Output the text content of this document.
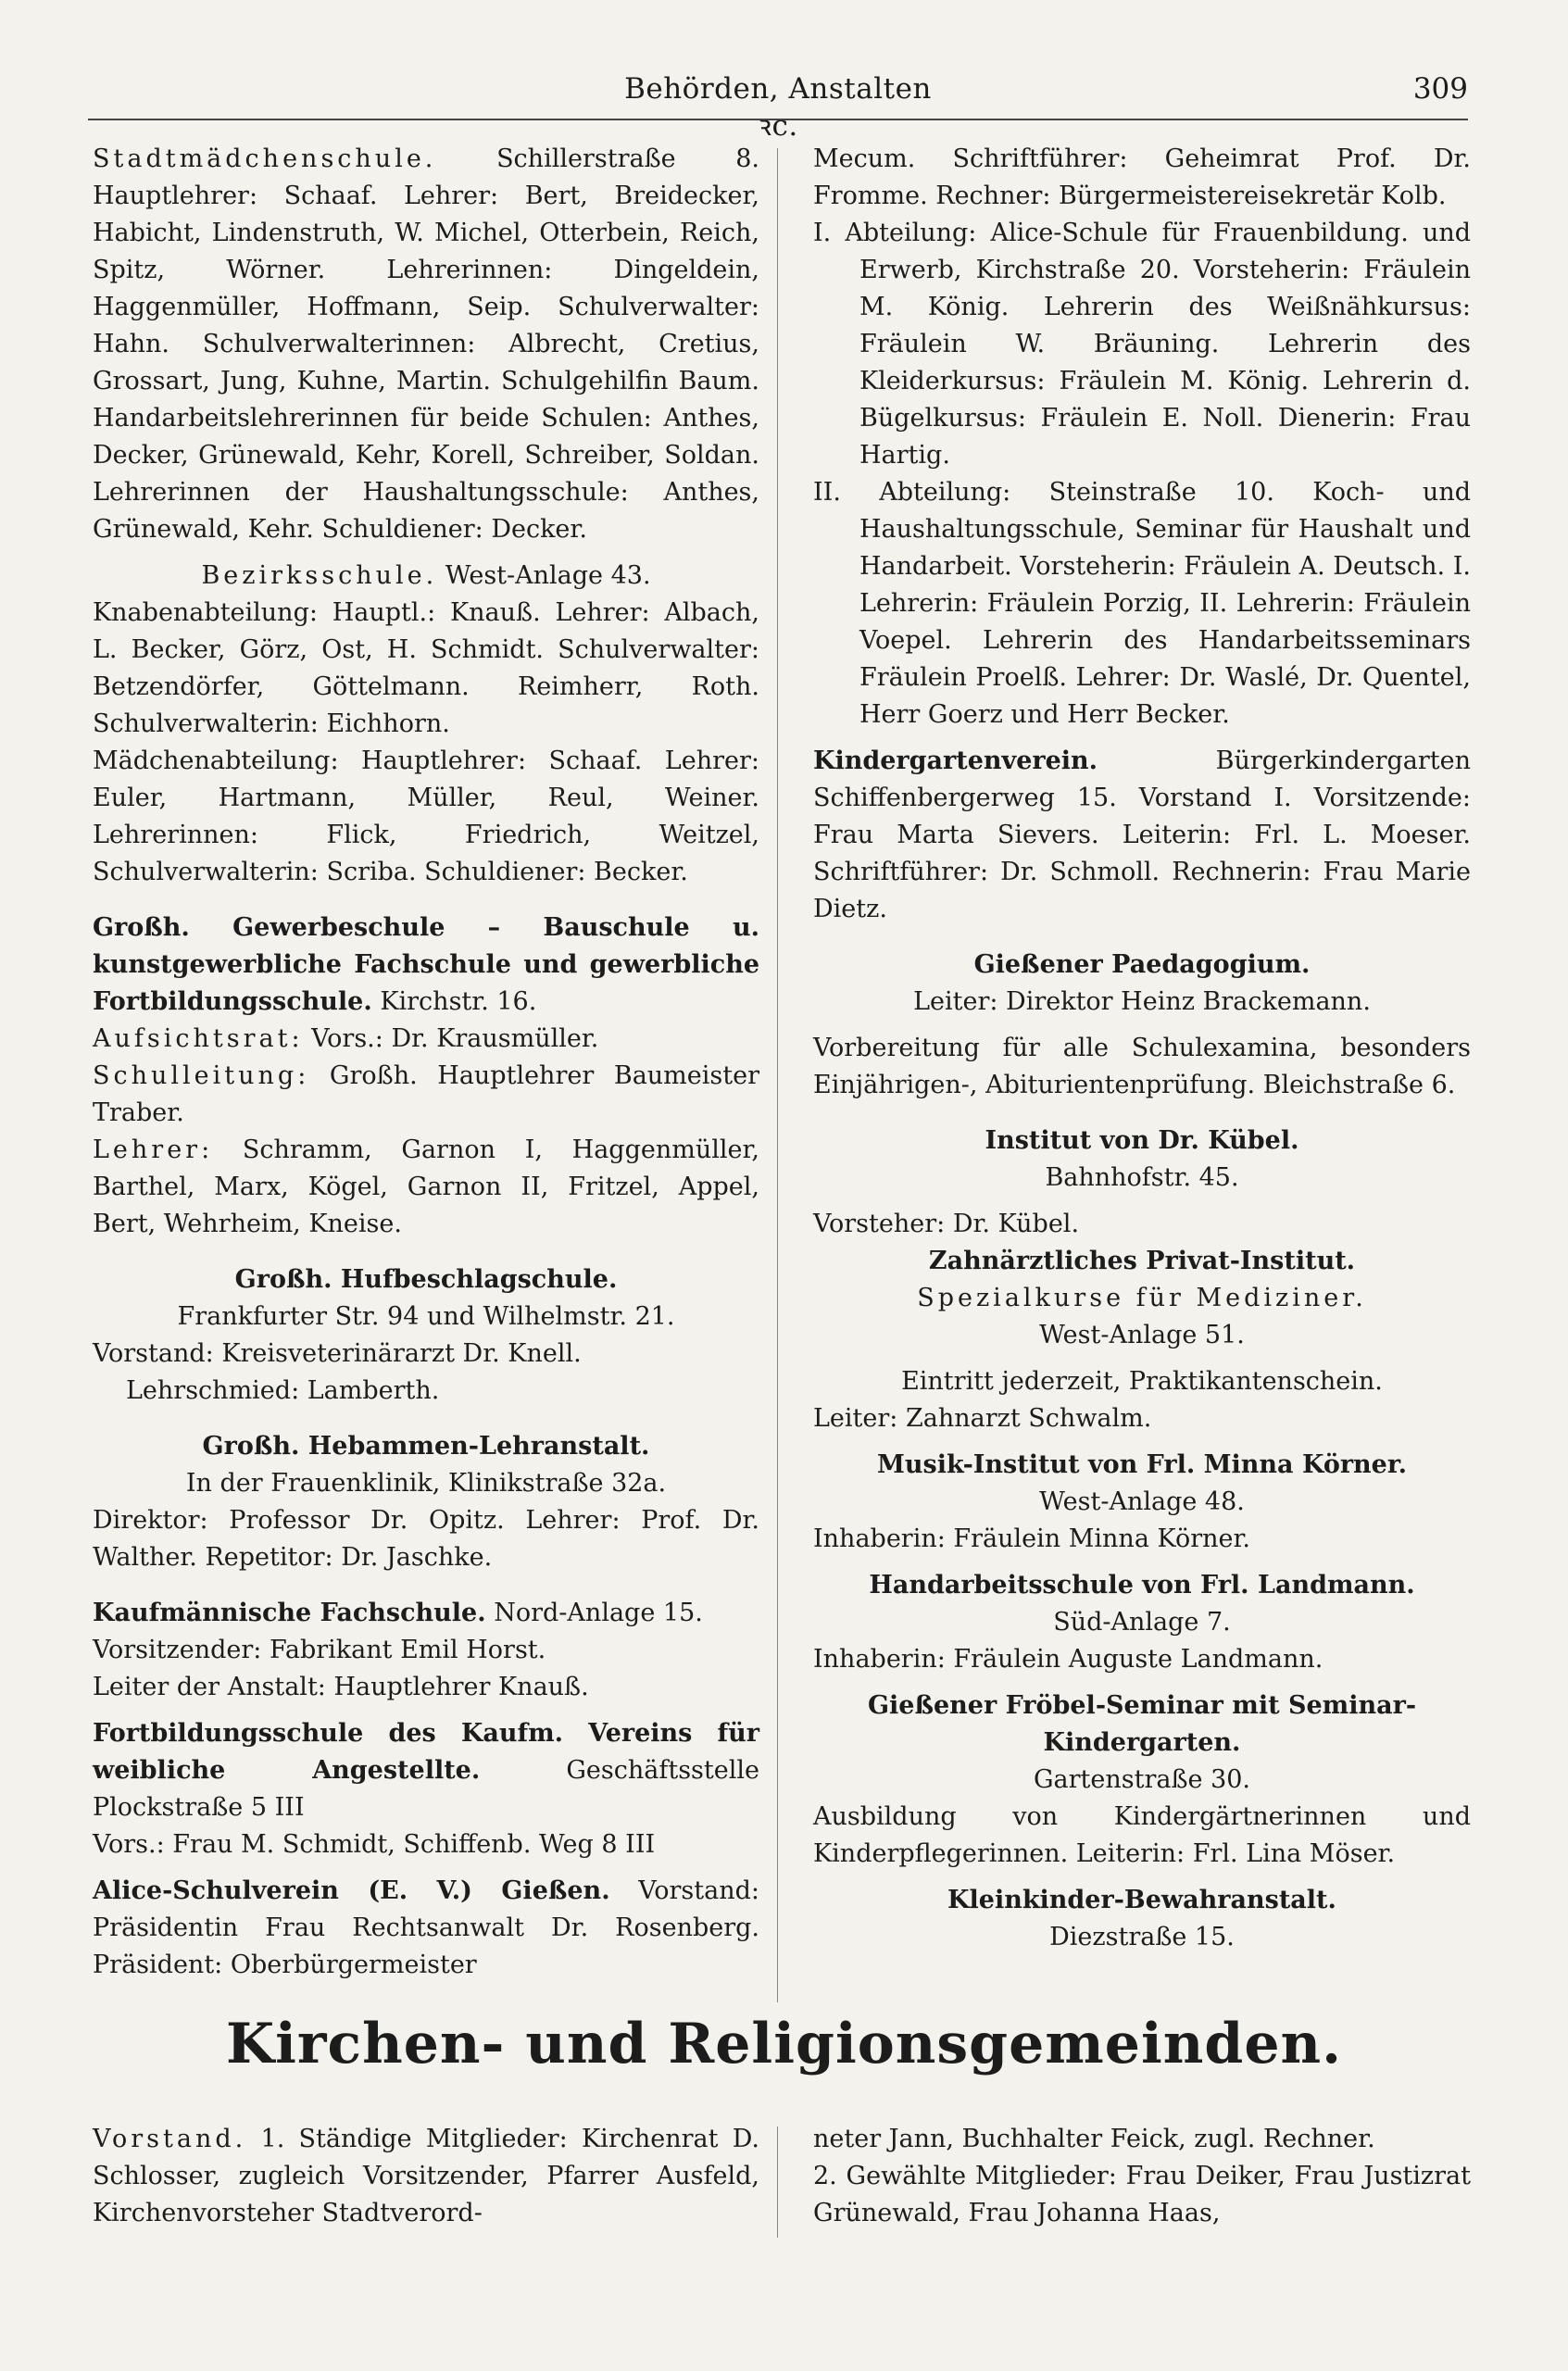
Behörden, Anstalten ꝛc.
309

Stadtmädchenschule. Schillerstraße 8. Hauptlehrer: Schaaf. Lehrer: Bert, Breidecker, Habicht, Lindenstruth, W. Michel, Otterbein, Reich, Spitz, Wörner. Lehrerinnen: Dingeldein, Haggenmüller, Hoffmann, Seip. Schulverwalter: Hahn. Schulverwalterinnen: Albrecht, Cretius, Grossart, Jung, Kuhne, Martin. Schulgehilfin Baum. Handarbeitslehrerinnen für beide Schulen: Anthes, Decker, Grünewald, Kehr, Korell, Schreiber, Soldan. Lehrerinnen der Haushaltungsschule: Anthes, Grünewald, Kehr. Schuldiener: Decker.

Bezirksschule. West-Anlage 43.

Knabenabteilung: Hauptl.: Knauß. Lehrer: Albach, L. Becker, Görz, Ost, H. Schmidt. Schulverwalter: Betzendörfer, Göttelmann. Reimherr, Roth. Schulverwalterin: Eichhorn.

Mädchenabteilung: Hauptlehrer: Schaaf. Lehrer: Euler, Hartmann, Müller, Reul, Weiner. Lehrerinnen: Flick, Friedrich, Weitzel, Schulverwalterin: Scriba. Schuldiener: Becker.

Großh. Gewerbeschule – Bauschule u. kunstgewerbliche Fachschule und gewerbliche Fortbildungsschule. Kirchstr. 16.

Aufsichtsrat: Vors.: Dr. Krausmüller.

Schulleitung: Großh. Hauptlehrer Baumeister Traber.

Lehrer: Schramm, Garnon I, Haggenmüller, Barthel, Marx, Kögel, Garnon II, Fritzel, Appel, Bert, Wehrheim, Kneise.

Großh. Hufbeschlagschule.

Frankfurter Str. 94 und Wilhelmstr. 21.

Vorstand: Kreisveterinärarzt Dr. Knell.

Lehrschmied: Lamberth.

Großh. Hebammen-Lehranstalt.

In der Frauenklinik, Klinikstraße 32a.

Direktor: Professor Dr. Opitz. Lehrer: Prof. Dr. Walther. Repetitor: Dr. Jaschke.

Kaufmännische Fachschule. Nord-Anlage 15.

Vorsitzender: Fabrikant Emil Horst.

Leiter der Anstalt: Hauptlehrer Knauß.

Fortbildungsschule des Kaufm. Vereins für weibliche Angestellte.	Geschäftsstelle Plockstraße 5 III

Vors.: Frau M. Schmidt, Schiffenb. Weg 8 III

Alice-Schulverein (E. V.) Gießen. Vorstand: Präsidentin Frau Rechtsanwalt Dr. Rosenberg. Präsident: Oberbürgermeister

Mecum. Schriftführer: Geheimrat Prof. Dr. Fromme. Rechner: Bürgermeistereisekretär Kolb.

I. Abteilung: Alice-Schule für Frauenbildung. und Erwerb, Kirchstraße 20. Vorsteherin: Fräulein M. König. Lehrerin des Weißnähkursus: Fräulein W. Bräuning. Lehrerin des Kleiderkursus: Fräulein M. König. Lehrerin d. Bügelkursus: Fräulein E. Noll. Dienerin: Frau Hartig.

II. Abteilung: Steinstraße 10. Koch- und Haushaltungsschule, Seminar für Haushalt und Handarbeit. Vorsteherin: Fräulein A. Deutsch. I. Lehrerin: Fräulein Porzig, II. Lehrerin: Fräulein Voepel. Lehrerin des Handarbeitsseminars Fräulein Proelß. Lehrer: Dr. Waslé, Dr. Quentel, Herr Goerz und Herr Becker.

Kindergartenverein.	Bürgerkindergarten Schiffenbergerweg 15. Vorstand I. Vorsitzende: Frau Marta Sievers. Leiterin: Frl. L. Moeser. Schriftführer: Dr. Schmoll. Rechnerin: Frau Marie Dietz.

Gießener Paedagogium.

Leiter: Direktor Heinz Brackemann.

Vorbereitung für alle Schulexamina, besonders Einjährigen-, Abiturientenprüfung. Bleichstraße 6.

Institut von Dr. Kübel.

Bahnhofstr. 45.

Vorsteher: Dr. Kübel.

Zahnärztliches Privat-Institut.

Spezialkurse für Mediziner.

West-Anlage 51.

Eintritt jederzeit, Praktikantenschein.

Leiter: Zahnarzt Schwalm.

Musik-Institut von Frl. Minna Körner.

West-Anlage 48.

Inhaberin: Fräulein Minna Körner.

Handarbeitsschule von Frl. Landmann.

Süd-Anlage 7.

Inhaberin: Fräulein Auguste Landmann.

Gießener Fröbel-Seminar mit Seminar-Kindergarten.

Gartenstraße 30.

Ausbildung von Kindergärtnerinnen und Kinderpflegerinnen. Leiterin: Frl. Lina Möser.

Kleinkinder-Bewahranstalt.

Diezstraße 15.

Kirchen- und Religionsgemeinden.

Vorstand. 1. Ständige Mitglieder: Kirchenrat D. Schlosser, zugleich Vorsitzender, Pfarrer Ausfeld, Kirchenvorsteher Stadtverord-

neter Jann, Buchhalter Feick, zugl. Rechner.

2. Gewählte Mitglieder: Frau Deiker, Frau Justizrat Grünewald, Frau Johanna Haas,
